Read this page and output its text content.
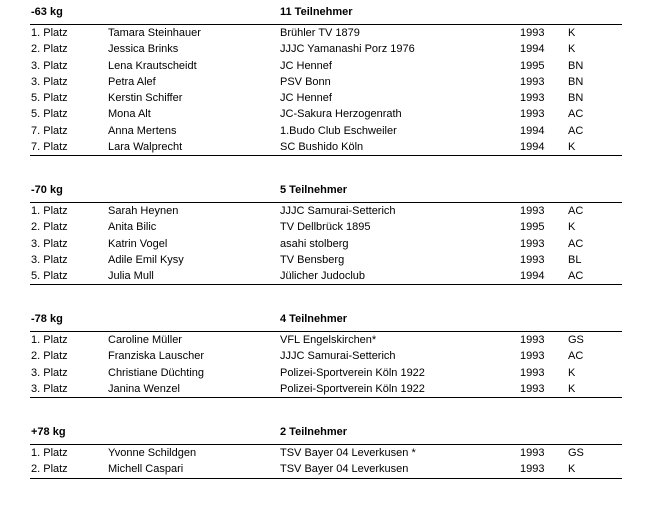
-63 kg	11 Teilnehmer
1. Platz	Tamara Steinhauer	Brühler TV 1879	1993 K
2. Platz	Jessica Brinks	JJJC Yamanashi Porz 1976	1994 K
3. Platz	Lena Krautscheidt	JC Hennef	1995 BN
3. Platz	Petra Alef	PSV Bonn	1993 BN
5. Platz	Kerstin Schiffer	JC Hennef	1993 BN
5. Platz	Mona Alt	JC-Sakura Herzogenrath	1993 AC
7. Platz	Anna Mertens	1.Budo Club Eschweiler	1994 AC
7. Platz	Lara Walprecht	SC Bushido Köln	1994 K
-70 kg	5 Teilnehmer
1. Platz	Sarah Heynen	JJJC Samurai-Setterich	1993 AC
2. Platz	Anita Bilic	TV Dellbrück 1895	1995 K
3. Platz	Katrin Vogel	asahi stolberg	1993 AC
3. Platz	Adile Emil Kysy	TV Bensberg	1993 BL
5. Platz	Julia Mull	Jülicher Judoclub	1994 AC
-78 kg	4 Teilnehmer
1. Platz	Caroline Müller	VFL Engelskirchen*	1993 GS
2. Platz	Franziska Lauscher	JJJC Samurai-Setterich	1993 AC
3. Platz	Christiane Düchting	Polizei-Sportverein Köln 1922	1993 K
3. Platz	Janina Wenzel	Polizei-Sportverein Köln 1922	1993 K
+78 kg	2 Teilnehmer
1. Platz	Yvonne Schildgen	TSV Bayer 04 Leverkusen *	1993 GS
2. Platz	Michell Caspari	TSV Bayer 04 Leverkusen	1993 K
